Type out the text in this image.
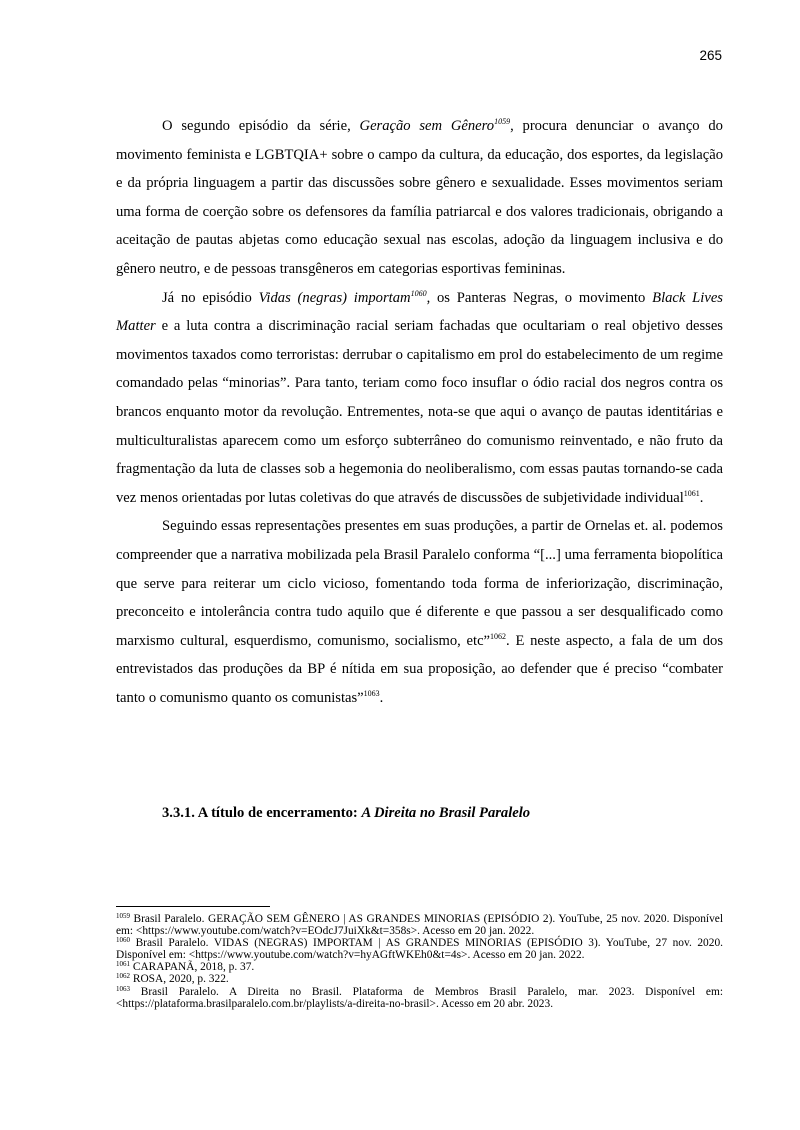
265

O segundo episódio da série, Geração sem Gênero$^{1059}$, procura denunciar o avanço do movimento feminista e LGBTQIA+ sobre o campo da cultura, da educação, dos esportes, da legislação e da própria linguagem a partir das discussões sobre gênero e sexualidade. Esses movimentos seriam uma forma de coerção sobre os defensores da família patriarcal e dos valores tradicionais, obrigando a aceitação de pautas abjetas como educação sexual nas escolas, adoção da linguagem inclusiva e do gênero neutro, e de pessoas transgêneros em categorias esportivas femininas.

Já no episódio Vidas (negras) importam$^{1060}$, os Panteras Negras, o movimento Black Lives Matter e a luta contra a discriminação racial seriam fachadas que ocultariam o real objetivo desses movimentos taxados como terroristas: derrubar o capitalismo em prol do estabelecimento de um regime comandado pelas “minorias”. Para tanto, teriam como foco insuflar o ódio racial dos negros contra os brancos enquanto motor da revolução. Entrementes, nota-se que aqui o avanço de pautas identitárias e multiculturalistas aparecem como um esforço subterrâneo do comunismo reinventado, e não fruto da fragmentação da luta de classes sob a hegemonia do neoliberalismo, com essas pautas tornando-se cada vez menos orientadas por lutas coletivas do que através de discussões de subjetividade individual$^{1061}$.

Seguindo essas representações presentes em suas produções, a partir de Ornelas et. al. podemos compreender que a narrativa mobilizada pela Brasil Paralelo conforma “[...] uma ferramenta biopolítica que serve para reiterar um ciclo vicioso, fomentando toda forma de inferiorização, discriminação, preconceito e intolerância contra tudo aquilo que é diferente e que passou a ser desqualificado como marxismo cultural, esquerdismo, comunismo, socialismo, etc”$^{1062}$. E neste aspecto, a fala de um dos entrevistados das produções da BP é nítida em sua proposição, ao defender que é preciso “combater tanto o comunismo quanto os comunistas”$^{1063}$.

3.3.1. A título de encerramento: A Direita no Brasil Paralelo

$^{1059}$ Brasil Paralelo. GERAÇÃO SEM GÊNERO | AS GRANDES MINORIAS (EPISÓDIO 2). YouTube, 25 nov. 2020. Disponível em: <https://www.youtube.com/watch?v=EOdcJ7JuiXk&t=358s>. Acesso em 20 jan. 2022.

$^{1060}$ Brasil Paralelo. VIDAS (NEGRAS) IMPORTAM | AS GRANDES MINORIAS (EPISÓDIO 3). YouTube, 27 nov. 2020. Disponível em: <https://www.youtube.com/watch?v=hyAGftWKEh0&t=4s>. Acesso em 20 jan. 2022.

$^{1061}$ CARAPANÃ, 2018, p. 37.

$^{1062}$ ROSA, 2020, p. 322.

$^{1063}$ Brasil Paralelo. A Direita no Brasil. Plataforma de Membros Brasil Paralelo, mar. 2023. Disponível em: <https://plataforma.brasilparalelo.com.br/playlists/a-direita-no-brasil>. Acesso em 20 abr. 2023.
